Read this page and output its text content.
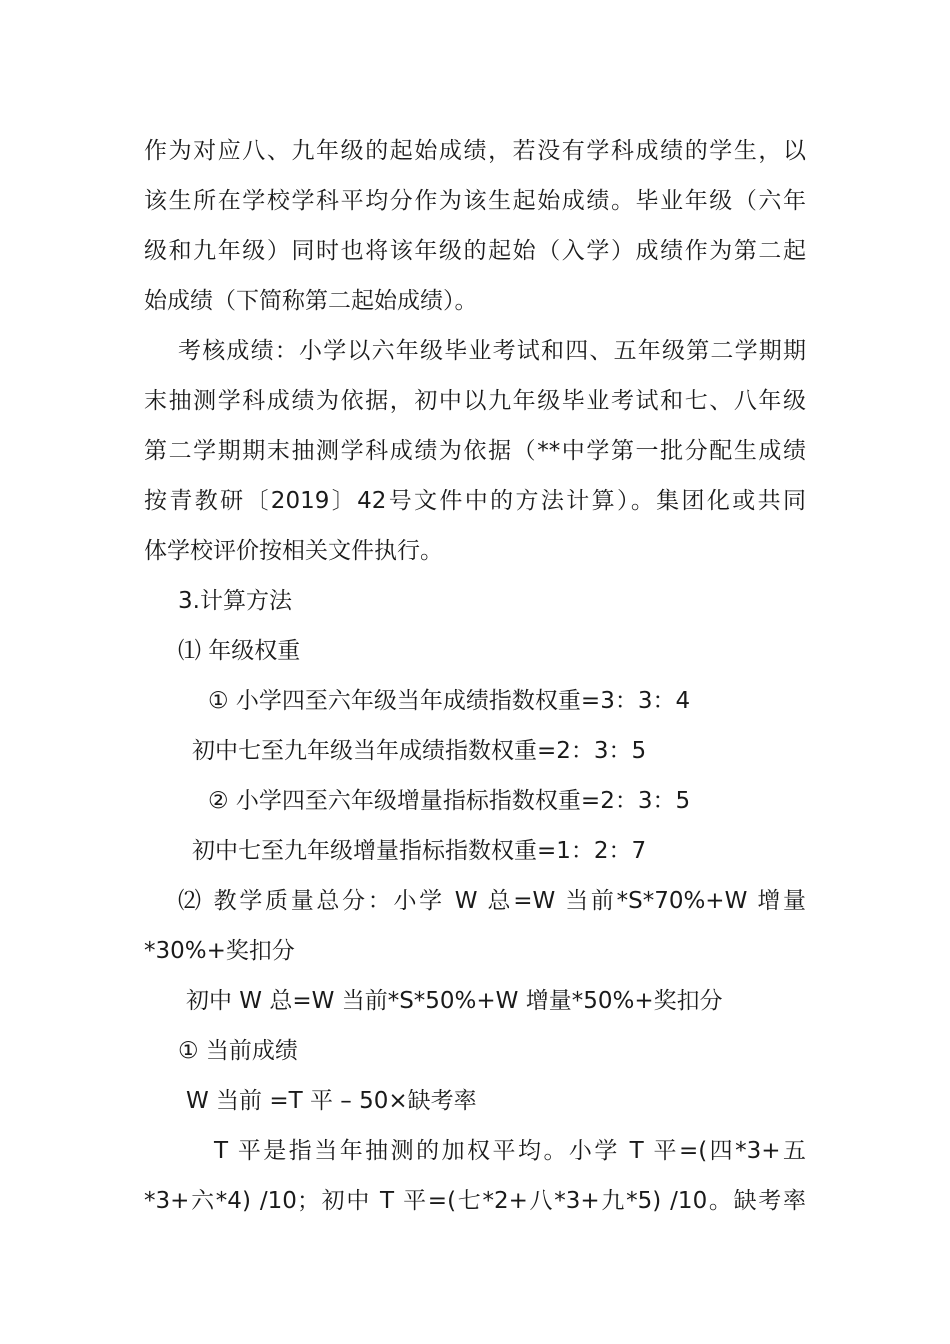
作为对应八、九年级的起始成绩，若没有学科成绩的学生，以
该生所在学校学科平均分作为该生起始成绩。毕业年级（六年
级和九年级）同时也将该年级的起始（入学）成绩作为第二起
始成绩（下简称第二起始成绩）。
考核成绩：小学以六年级毕业考试和四、五年级第二学期期
末抽测学科成绩为依据，初中以九年级毕业考试和七、八年级
第二学期期末抽测学科成绩为依据（**中学第一批分配生成绩
按青教研〔2019〕42号文件中的方法计算）。集团化或共同
体学校评价按相关文件执行。
3.计算方法
⑴ 年级权重
① 小学四至六年级当年成绩指数权重=3：3：4
初中七至九年级当年成绩指数权重=2：3：5
② 小学四至六年级增量指标指数权重=2：3：5
初中七至九年级增量指标指数权重=1：2：7
⑵ 教学质量总分：小学 W 总=W 当前*S*70%+W 增量
*30%+奖扣分
初中 W 总=W 当前*S*50%+W 增量*50%+奖扣分
① 当前成绩
W 当前 =T 平 – 50×缺考率
T 平是指当年抽测的加权平均。小学 T 平=(四*3+五
*3+六*4) /10；初中 T 平=(七*2+八*3+九*5) /10。缺考率
